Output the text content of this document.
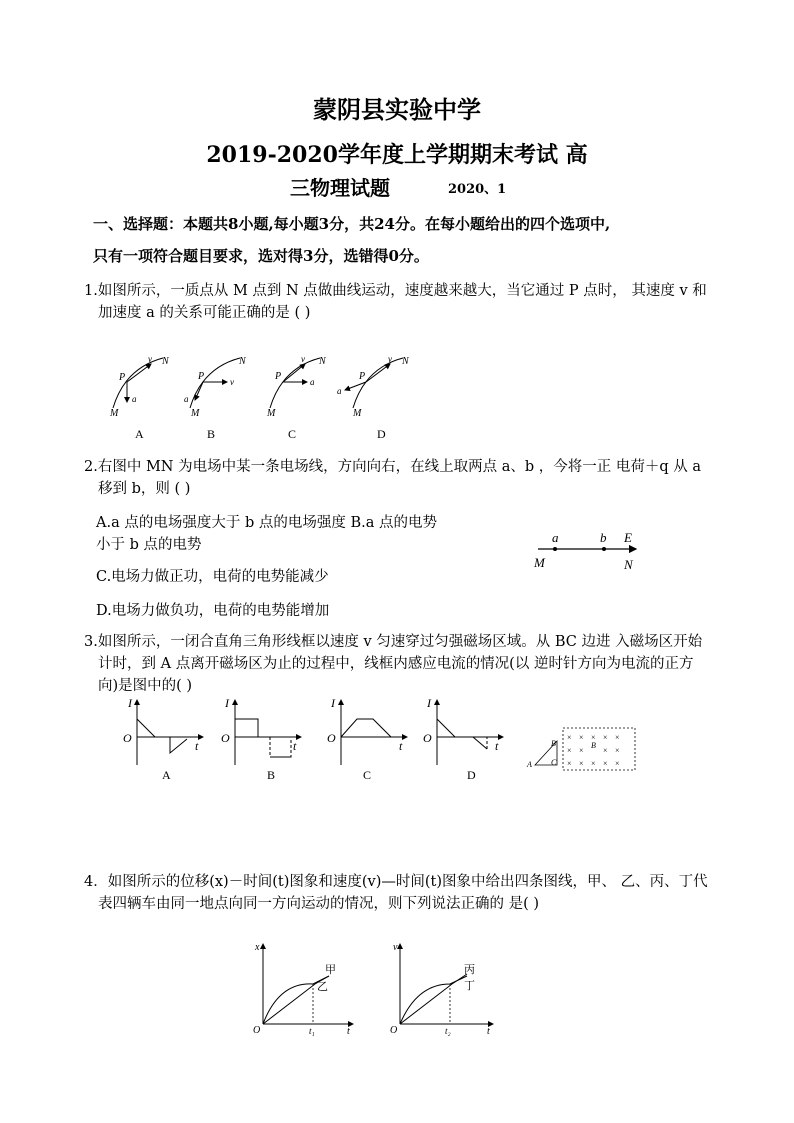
蒙阴县实验中学
2019-2020学年度上学期期末考试 高
三物理试题	2020、1
一、选择题：本题共8小题,每小题3分，共24分。在每小题给出的四个选项中,
只有一项符合题目要求，选对得3分，选错得0分。
1.如图所示，一质点从 M 点到 N 点做曲线运动，速度越来越大，当它通过 P 点时， 其速度 v 和加速度 a 的关系可能正确的是 ( )
M
N
P
v
a
M
N
P	v
a
M
N
P
v
a
M
N
P
v
a
A	B	C	D
2.右图中 MN 为电场中某一条电场线，方向向右，在线上取两点 a、b ，今将一正 电荷＋q 从 a 移到 b，则 ( )
A.a 点的电场强度大于 b 点的电场强度 B.a 点的电势小于 b 点的电势
C.电场力做正功，电荷的电势能减少
D.电场力做负功，电荷的电势能增加
a	b E
M	N
3.如图所示，一闭合直角三角形线框以速度 v 匀速穿过匀强磁场区域。从 BC 边进 入磁场区开始计时，到 A 点离开磁场区为止的过程中，线框内感应电流的情况(以 逆时针方向为电流的正方向)是图中的( )
I
O
t
A
I
O
t
B
I
O
t
C
I
O
t
D
A
B
C
B
× × × × ×
× × × ×
× × × × ×
4．如图所示的位移(x)－时间(t)图象和速度(v)—时间(t)图象中给出四条图线，甲、 乙、丙、丁代表四辆车由同一地点向同一方向运动的情况，则下列说法正确的 是( )
x
O	t
甲
乙
t₁
v
O	t
丙
丁
t₂
